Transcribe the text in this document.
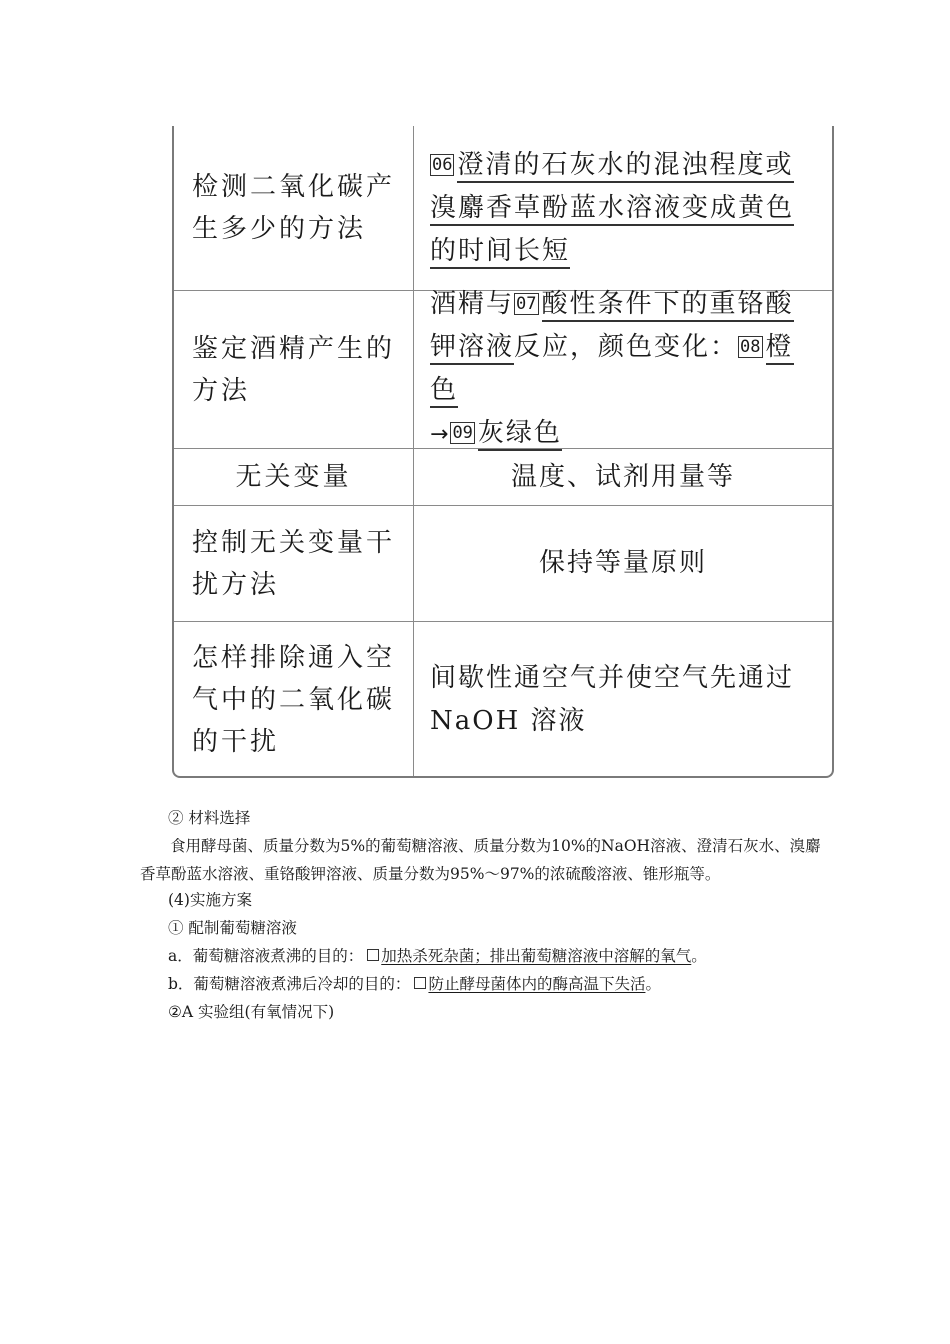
检测二氧化碳产生多少的方法
06 澄清的石灰水的混浊程度或溴麝香草酚蓝水溶液变成黄色的时间长短
鉴定酒精产生的方法
酒精与 07 酸性条件下的重铬酸钾溶液反应，颜色变化： 08 橙色
→ 09 灰绿色
无关变量	温度、试剂用量等
控制无关变量干扰方法
保持等量原则
怎样排除通入空气中的二氧化碳的干扰
间歇性通空气并使空气先通过NaOH 溶液
② 材料选择
食用酵母菌、质量分数为5%的葡萄糖溶液、质量分数为10%的NaOH溶液、澄清石灰水、溴麝香草酚蓝水溶液、重铬酸钾溶液、质量分数为95%～97%的浓硫酸溶液、锥形瓶等。
(4)实施方案
① 配制葡萄糖溶液
a．葡萄糖溶液煮沸的目的： 加热杀死杂菌；排出葡萄糖溶液中溶解的氧气。
b．葡萄糖溶液煮沸后冷却的目的： 防止酵母菌体内的酶高温下失活。
②A 实验组(有氧情况下)
